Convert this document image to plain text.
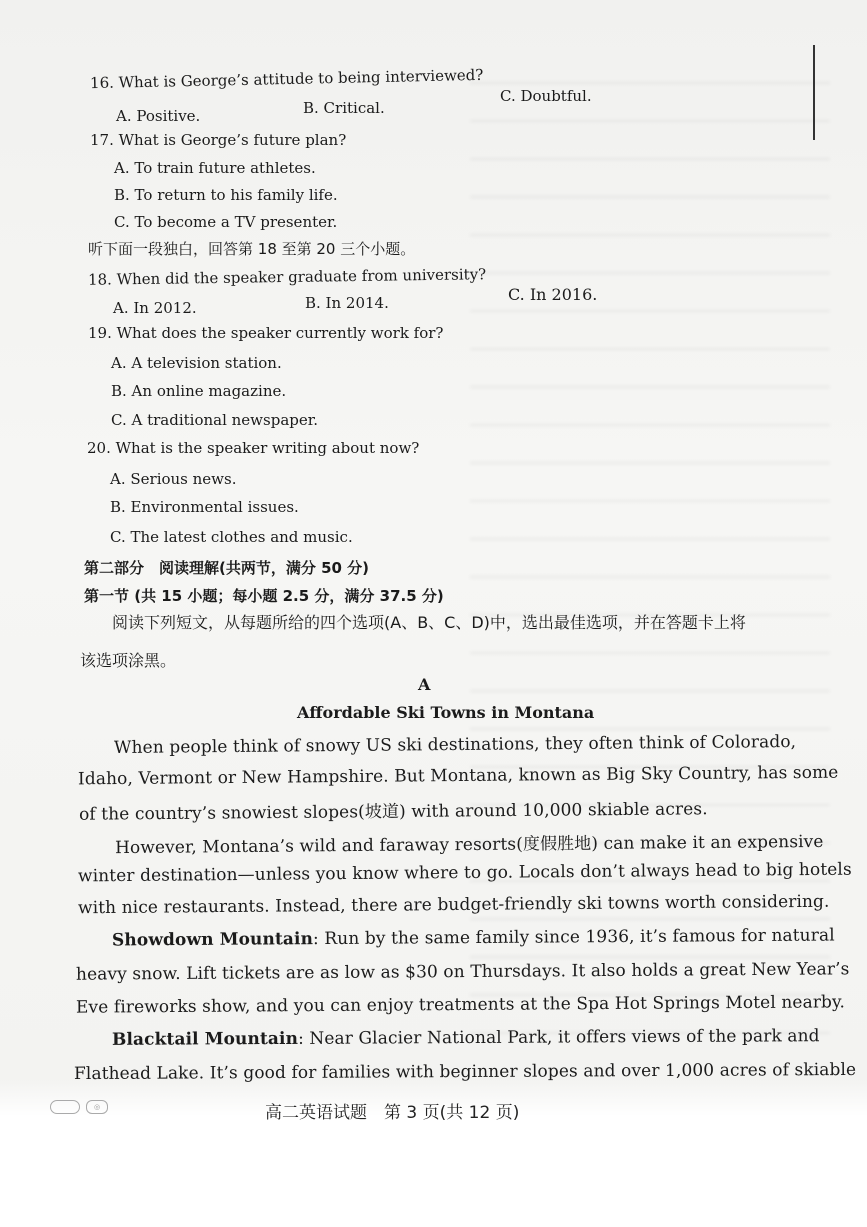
16. What is George’s attitude to being interviewed?
A. Positive.	B. Critical.
C. Doubtful.
17. What is George’s future plan?
A. To train future athletes.
B. To return to his family life.
C. To become a TV presenter.
听下面一段独白，回答第 18 至第 20 三个小题。
18. When did the speaker graduate from university?
A. In 2012.	B. In 2014.	C. In 2016.
19. What does the speaker currently work for?
A. A television station.
B. An online magazine.
C. A traditional newspaper.
20. What is the speaker writing about now?
A. Serious news.
B. Environmental issues.
C. The latest clothes and music.
第二部分　阅读理解(共两节，满分 50 分)
第一节 (共 15 小题；每小题 2.5 分，满分 37.5 分)
阅读下列短文，从每题所给的四个选项(A、B、C、D)中，选出最佳选项，并在答题卡上将
该选项涂黑。
A
Affordable Ski Towns in Montana
When people think of snowy US ski destinations, they often think of Colorado,
Idaho, Vermont or New Hampshire. But Montana, known as Big Sky Country, has some
of the country’s snowiest slopes(坡道) with around 10,000 skiable acres.
However, Montana’s wild and faraway resorts(度假胜地) can make it an expensive
winter destination—unless you know where to go. Locals don’t always head to big hotels
with nice restaurants. Instead, there are budget-friendly ski towns worth considering.
Showdown Mountain: Run by the same family since 1936, it’s famous for natural
heavy snow. Lift tickets are as low as $30 on Thursdays. It also holds a great New Year’s
Eve fireworks show, and you can enjoy treatments at the Spa Hot Springs Motel nearby.
Blacktail Mountain: Near Glacier National Park, it offers views of the park and
Flathead Lake. It’s good for families with beginner slopes and over 1,000 acres of skiable
◎	高二英语试题　第 3 页(共 12 页)
